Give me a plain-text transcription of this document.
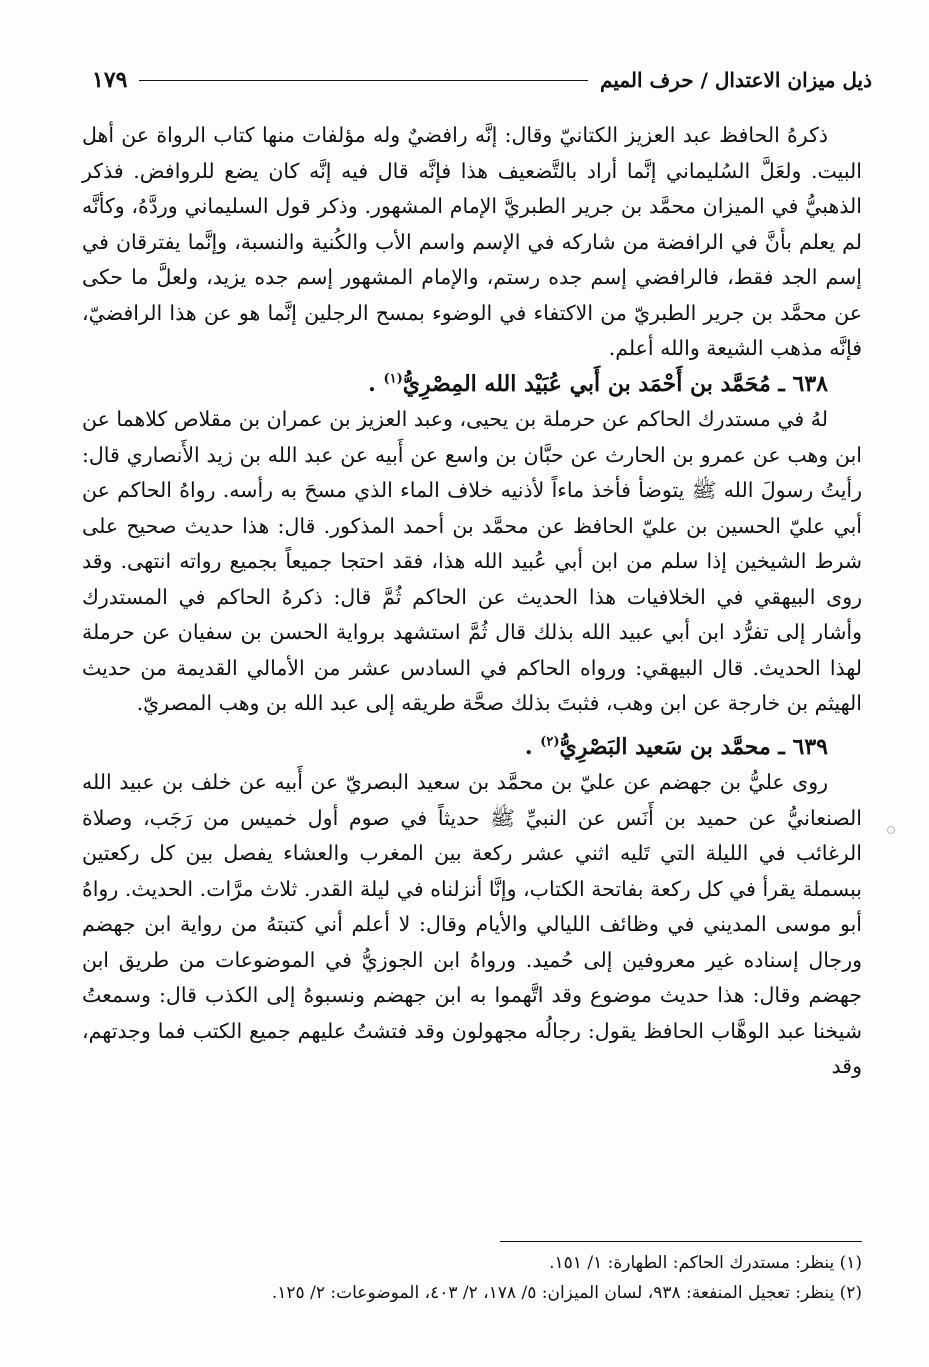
ذيل ميزان الاعتدال / حرف الميم
١٧٩

ذكرهُ الحافظ عبد العزيز الكتانيّ وقال: إنَّه رافضيٌ وله مؤلفات منها كتاب الرواة عن أهل البيت. ولعَلَّ السُليماني إنَّما أراد بالتَّضعيف هذا فإنَّه قال فيه إنَّه كان يضع للروافض. فذكر الذهبيُّ في الميزان محمَّد بن جرير الطبريَّ الإمام المشهور. وذكر قول السليماني وردَّهُ، وكأنَّه لم يعلم بأنَّ في الرافضة من شاركه في الإسم واسم الأب والكُنية والنسبة، وإنَّما يفترقان في إسم الجد فقط، فالرافضي إسم جده رستم، والإمام المشهور إسم جده يزيد، ولعلَّ ما حكى عن محمَّد بن جرير الطبريّ من الاكتفاء في الوضوء بمسح الرجلين إنَّما هو عن هذا الرافضيّ، فإنَّه مذهب الشيعة والله أعلم.

٦٣٨ ـ مُحَمَّد بن أَحْمَد بن أَبي عُبَيْد الله المِصْرِيُّ$^{(١)}$ .

لهُ في مستدرك الحاكم عن حرملة بن يحيى، وعبد العزيز بن عمران بن مقلاص كلاهما عن ابن وهب عن عمرو بن الحارث عن حبَّان بن واسع عن أَبيه عن عبد الله بن زيد الأَنصاري قال: رأيتُ رسولَ الله ﷺ يتوضأ فأخذ ماءاً لأذنيه خلاف الماء الذي مسحَ به رأسه. رواهُ الحاكم عن أبي عليّ الحسين بن عليّ الحافظ عن محمَّد بن أحمد المذكور. قال: هذا حديث صحيح على شرط الشيخين إذا سلم من ابن أبي عُبيد الله هذا، فقد احتجا جميعاً بجميع رواته انتهى. وقد روى البيهقي في الخلافيات هذا الحديث عن الحاكم ثُمَّ قال: ذكرهُ الحاكم في المستدرك وأشار إلى تفرُّد ابن أبي عبيد الله بذلك قال ثُمَّ استشهد برواية الحسن بن سفيان عن حرملة لهذا الحديث. قال البيهقي: ورواه الحاكم في السادس عشر من الأمالي القديمة من حديث الهيثم بن خارجة عن ابن وهب، فثبتَ بذلك صحَّة طريقه إلى عبد الله بن وهب المصريّ.

٦٣٩ ـ محمَّد بن سَعيد البَصْرِيُّ$^{(٢)}$ .

روى عليُّ بن جهضم عن عليّ بن محمَّد بن سعيد البصريّ عن أَبيه عن خلف بن عبيد الله الصنعانيُّ عن حميد بن أَنَس عن النبيِّ ﷺ حديثاً في صوم أول خميس من رَجَب، وصلاة الرغائب في الليلة التي تَليه اثني عشر ركعة بين المغرب والعشاء يفصل بين كل ركعتين ببسملة يقرأ في كل ركعة بفاتحة الكتاب، وإنَّا أنزلناه في ليلة القدر. ثلاث مرَّات. الحديث. رواهُ أبو موسى المديني في وظائف الليالي والأيام وقال: لا أعلم أني كتبتهُ من رواية ابن جهضم ورجال إسناده غير معروفين إلى حُميد. ورواهُ ابن الجوزيُّ في الموضوعات من طريق ابن جهضم وقال: هذا حديث موضوع وقد اتَّهموا به ابن جهضم ونسبوهُ إلى الكذب قال: وسمعتُ شيخنا عبد الوهَّاب الحافظ يقول: رجالُه مجهولون وقد فتشتُ عليهم جميع الكتب فما وجدتهم، وقد

(١) ينظر: مستدرك الحاكم: الطهارة: ١/ ١٥١.

(٢) ينظر: تعجيل المنفعة: ٩٣٨، لسان الميزان: ٥/ ١٧٨، ٢/ ٤٠٣، الموضوعات: ٢/ ١٢٥.
